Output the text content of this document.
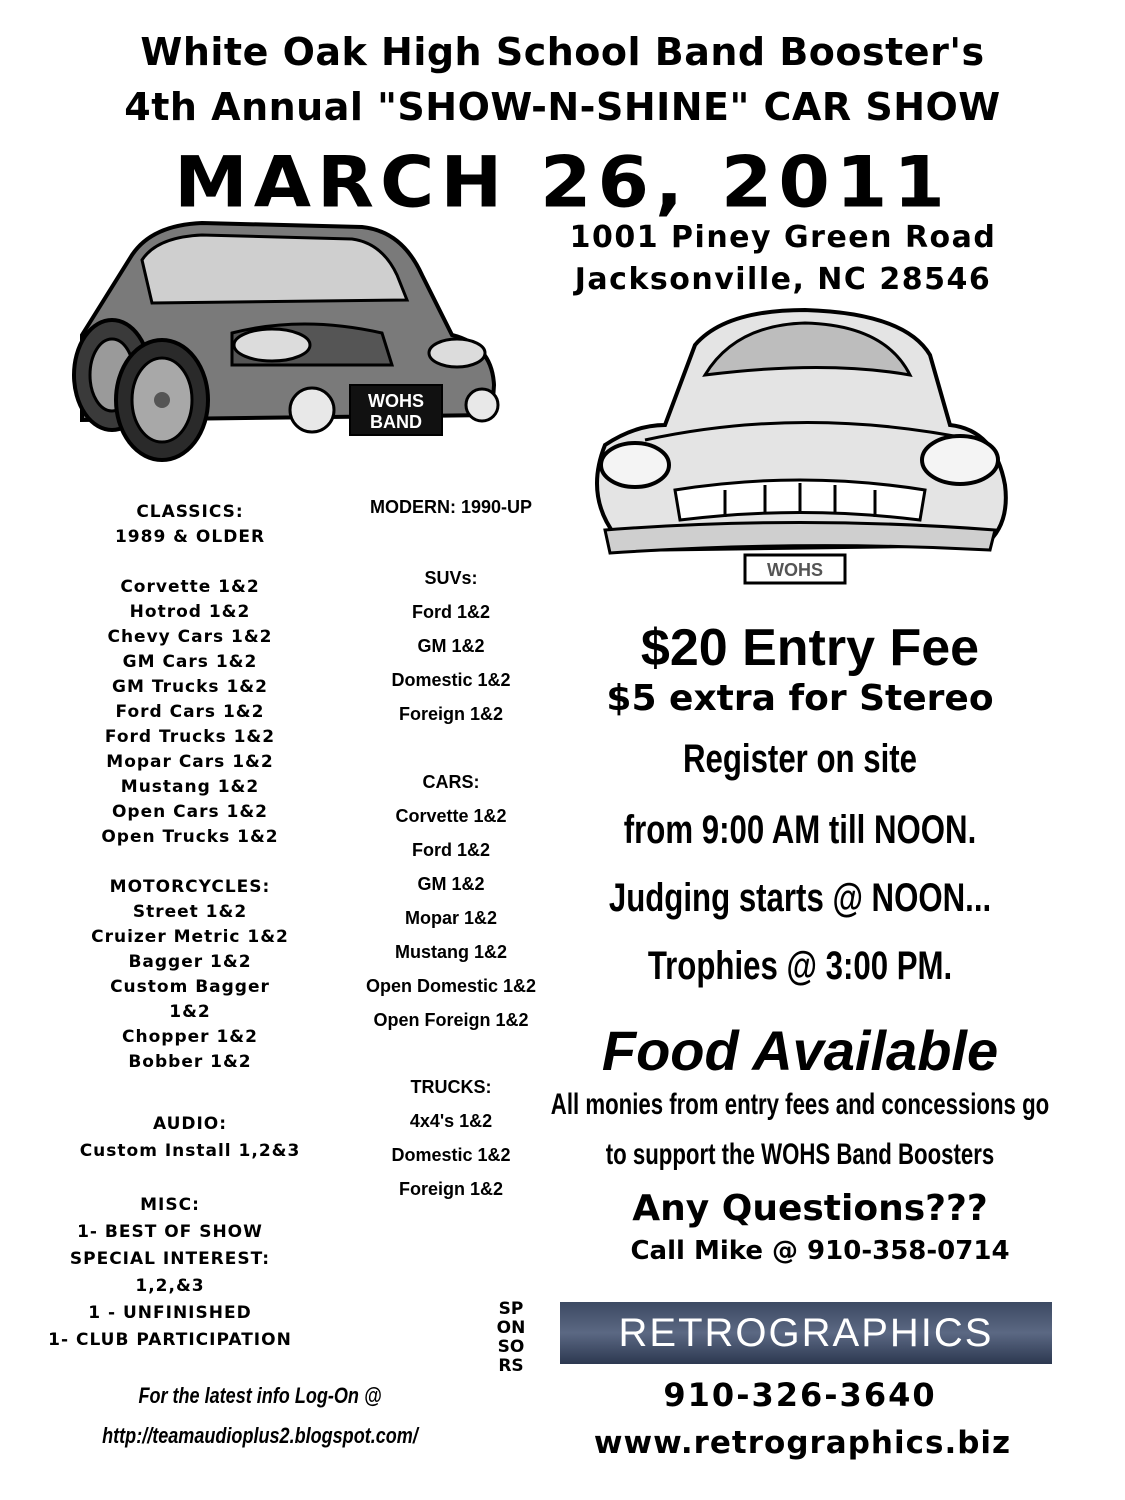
White Oak High School Band Booster's
4th Annual "SHOW-N-SHINE" CAR SHOW
MARCH 26, 2011
1001 Piney Green Road
Jacksonville, NC 28546
WOHS
BAND
WOHS
CLASSICS:
1989 & OLDER
Corvette 1&2
Hotrod 1&2
Chevy Cars 1&2
GM Cars 1&2
GM Trucks 1&2
Ford Cars 1&2
Ford Trucks 1&2
Mopar Cars 1&2
Mustang 1&2
Open Cars 1&2
Open Trucks 1&2
MOTORCYCLES:
Street 1&2
Cruizer Metric 1&2
Bagger 1&2
Custom Bagger
1&2
Chopper 1&2
Bobber 1&2
AUDIO:
Custom Install 1,2&3
MISC:
1- BEST OF SHOW
SPECIAL INTEREST:
1,2,&3
1 - UNFINISHED
1- CLUB PARTICIPATION
MODERN: 1990-UP
SUVs:
Ford 1&2
GM 1&2
Domestic 1&2
Foreign 1&2
CARS:
Corvette 1&2
Ford 1&2
GM 1&2
Mopar 1&2
Mustang 1&2
Open Domestic 1&2
Open Foreign 1&2
TRUCKS:
4x4's 1&2
Domestic 1&2
Foreign 1&2
$20 Entry Fee
$5 extra for Stereo
Register on site
from 9:00 AM till NOON.
Judging starts @ NOON...
Trophies @ 3:00 PM.
Food Available
All monies from entry fees and concessions go
to support the WOHS Band Boosters
Any Questions???
Call Mike @ 910-358-0714
SPONSORS
RETROGRAPHICS
910-326-3640
www.retrographics.biz
For the latest info Log-On @
http://teamaudioplus2.blogspot.com/
